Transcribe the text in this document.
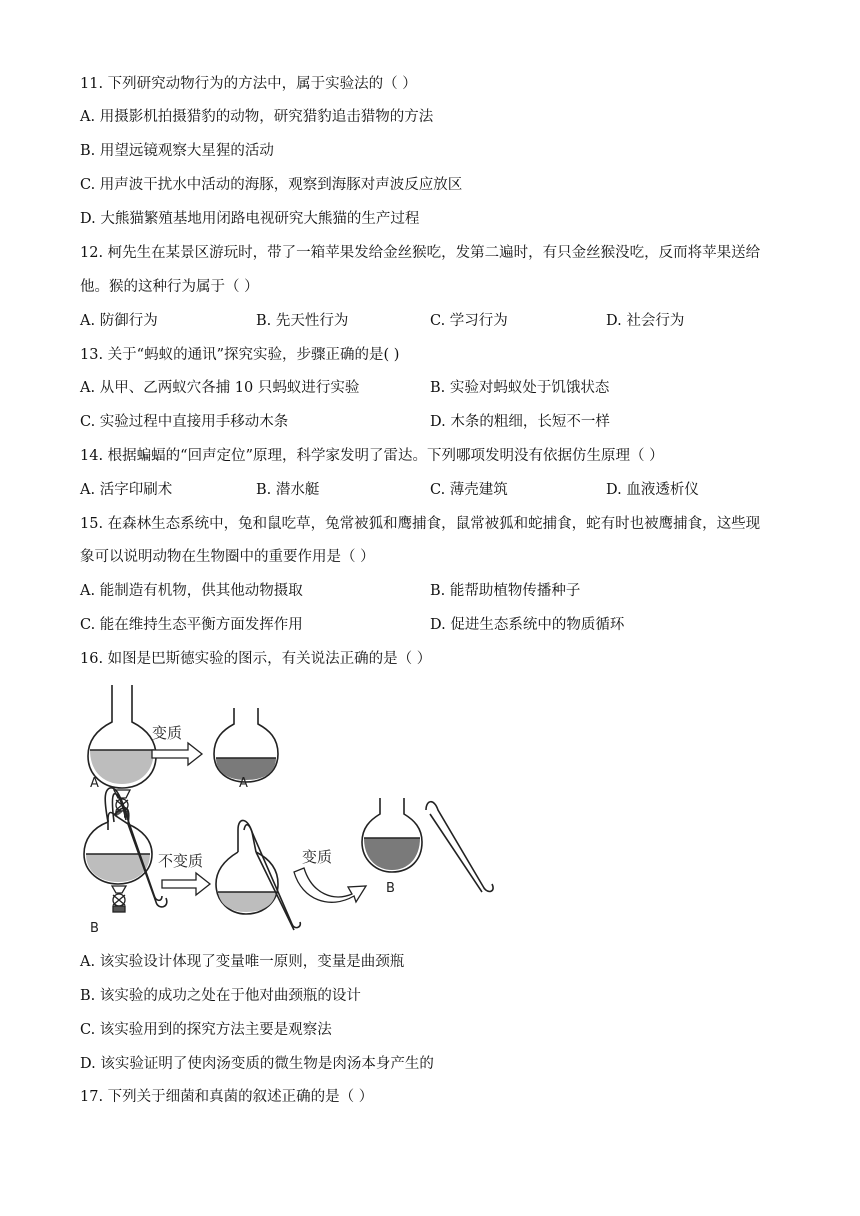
11. 下列研究动物行为的方法中，属于实验法的（ ）
A. 用摄影机拍摄猎豹的动物，研究猎豹追击猎物的方法
B. 用望远镜观察大星猩的活动
C. 用声波干扰水中活动的海豚，观察到海豚对声波反应放区
D. 大熊猫繁殖基地用闭路电视研究大熊猫的生产过程
12. 柯先生在某景区游玩时，带了一箱苹果发给金丝猴吃，发第二遍时，有只金丝猴没吃，反而将苹果送给
他。猴的这种行为属于（ ）
A. 防御行为	B. 先天性行为	C. 学习行为	D. 社会行为
13. 关于“蚂蚁的通讯”探究实验，步骤正确的是( )
A. 从甲、乙两蚁穴各捕 10 只蚂蚁进行实验	B. 实验对蚂蚁处于饥饿状态
C. 实验过程中直接用手移动木条	D. 木条的粗细，长短不一样
14. 根据蝙蝠的“回声定位”原理，科学家发明了雷达。下列哪项发明没有依据仿生原理（ ）
A. 活字印刷术	B. 潜水艇	C. 薄壳建筑	D. 血液透析仪
15. 在森林生态系统中，兔和鼠吃草，兔常被狐和鹰捕食，鼠常被狐和蛇捕食，蛇有时也被鹰捕食，这些现
象可以说明动物在生物圈中的重要作用是（ ）
A. 能制造有机物，供其他动物摄取	B. 能帮助植物传播种子
C. 能在维持生态平衡方面发挥作用	D. 促进生态系统中的物质循环
16. 如图是巴斯德实验的图示，有关说法正确的是（ ）
A
变质
A
B
不变质	变质
B
A. 该实验设计体现了变量唯一原则，变量是曲颈瓶
B. 该实验的成功之处在于他对曲颈瓶的设计
C. 该实验用到的探究方法主要是观察法
D. 该实验证明了使肉汤变质的微生物是肉汤本身产生的
17. 下列关于细菌和真菌的叙述正确的是（ ）
